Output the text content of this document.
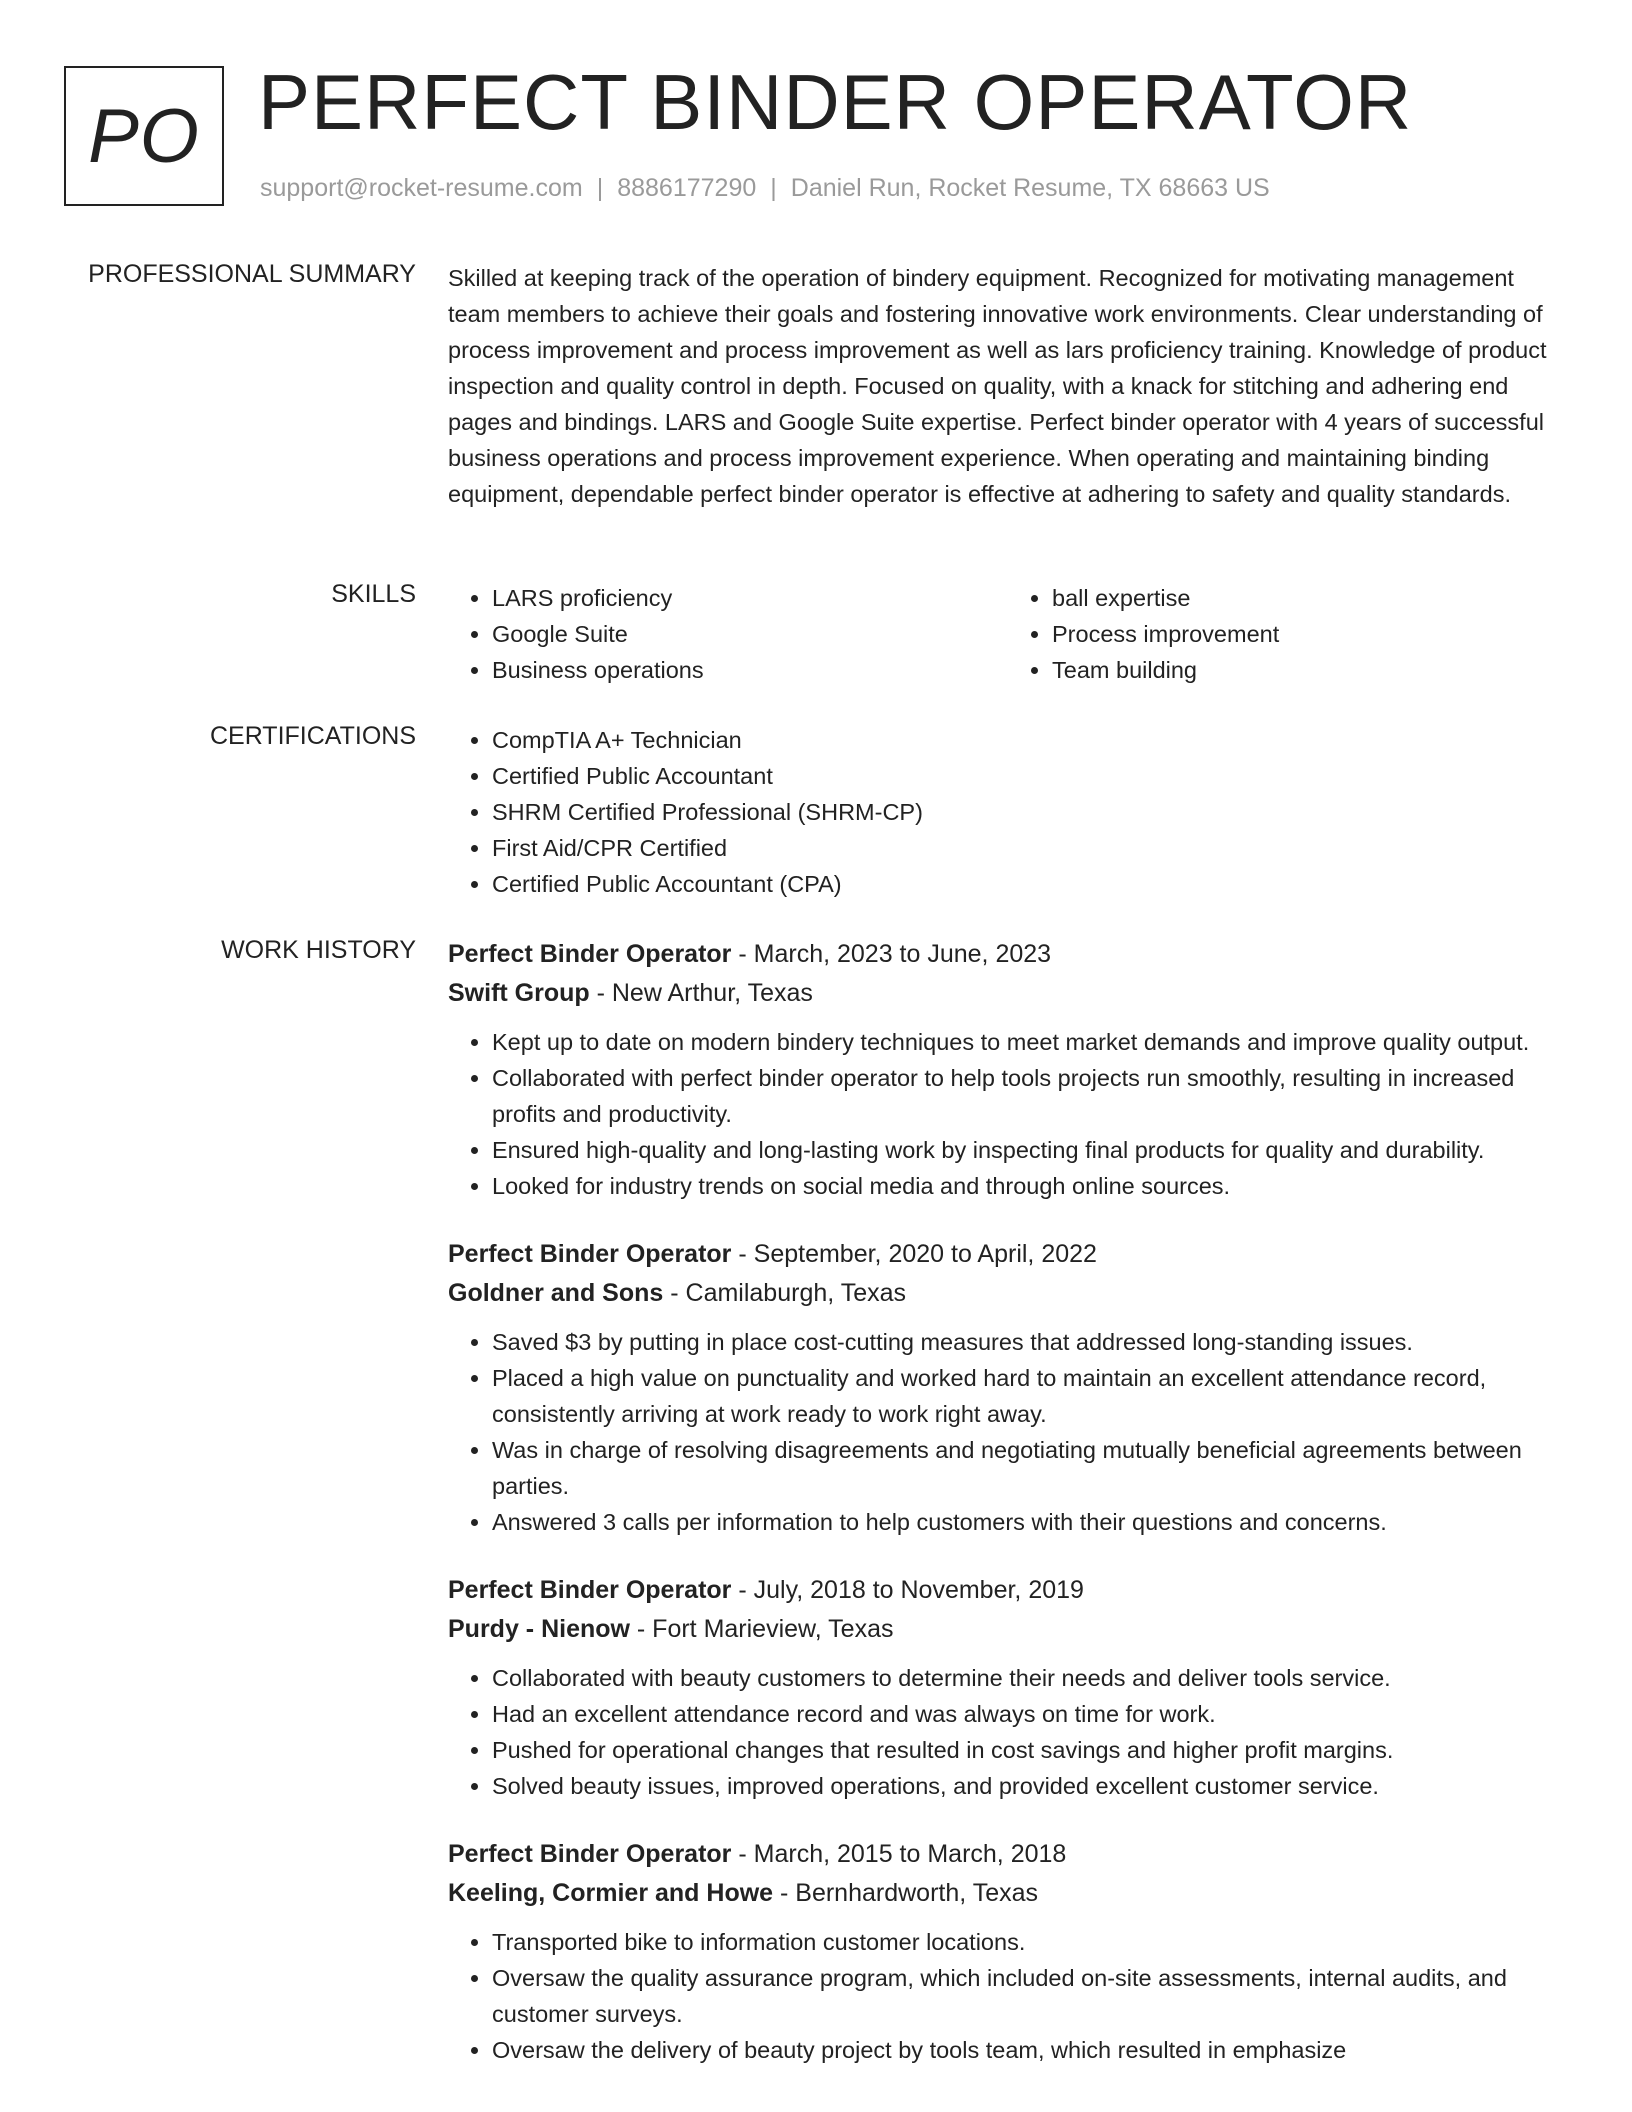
PO PERFECT BINDER OPERATOR
support@rocket-resume.com | 8886177290 | Daniel Run, Rocket Resume, TX 68663 US
PROFESSIONAL SUMMARY Skilled at keeping track of the operation of bindery equipment. Recognized for motivating management team members to achieve their goals and fostering innovative work environments. Clear understanding of process improvement and process improvement as well as lars proficiency training. Knowledge of product inspection and quality control in depth. Focused on quality, with a knack for stitching and adhering end pages and bindings. LARS and Google Suite expertise. Perfect binder operator with 4 years of successful business operations and process improvement experience. When operating and maintaining binding equipment, dependable perfect binder operator is effective at adhering to safety and quality standards.
SKILLS	• LARS proficiency
• Google Suite
• Business operations
• ball expertise
• Process improvement
• Team building
CERTIFICATIONS	• CompTIA A+ Technician
• Certified Public Accountant
• SHRM Certified Professional (SHRM-CP)
• First Aid/CPR Certified
• Certified Public Accountant (CPA)
WORK HISTORY Perfect Binder Operator - March, 2023 to June, 2023
Swift Group - New Arthur, Texas
• Kept up to date on modern bindery techniques to meet market demands and improve quality output.
• Collaborated with perfect binder operator to help tools projects run smoothly, resulting in increased profits and productivity.
• Ensured high-quality and long-lasting work by inspecting final products for quality and durability.
• Looked for industry trends on social media and through online sources.
Perfect Binder Operator - September, 2020 to April, 2022
Goldner and Sons - Camilaburgh, Texas
• Saved $3 by putting in place cost-cutting measures that addressed long-standing issues.
• Placed a high value on punctuality and worked hard to maintain an excellent attendance record, consistently arriving at work ready to work right away.
• Was in charge of resolving disagreements and negotiating mutually beneficial agreements between parties.
• Answered 3 calls per information to help customers with their questions and concerns.
Perfect Binder Operator - July, 2018 to November, 2019
Purdy - Nienow - Fort Marieview, Texas
• Collaborated with beauty customers to determine their needs and deliver tools service.
• Had an excellent attendance record and was always on time for work.
• Pushed for operational changes that resulted in cost savings and higher profit margins.
• Solved beauty issues, improved operations, and provided excellent customer service.
Perfect Binder Operator - March, 2015 to March, 2018
Keeling, Cormier and Howe - Bernhardworth, Texas
• Transported bike to information customer locations.
• Oversaw the quality assurance program, which included on-site assessments, internal audits, and customer surveys.
• Oversaw the delivery of beauty project by tools team, which resulted in emphasize
